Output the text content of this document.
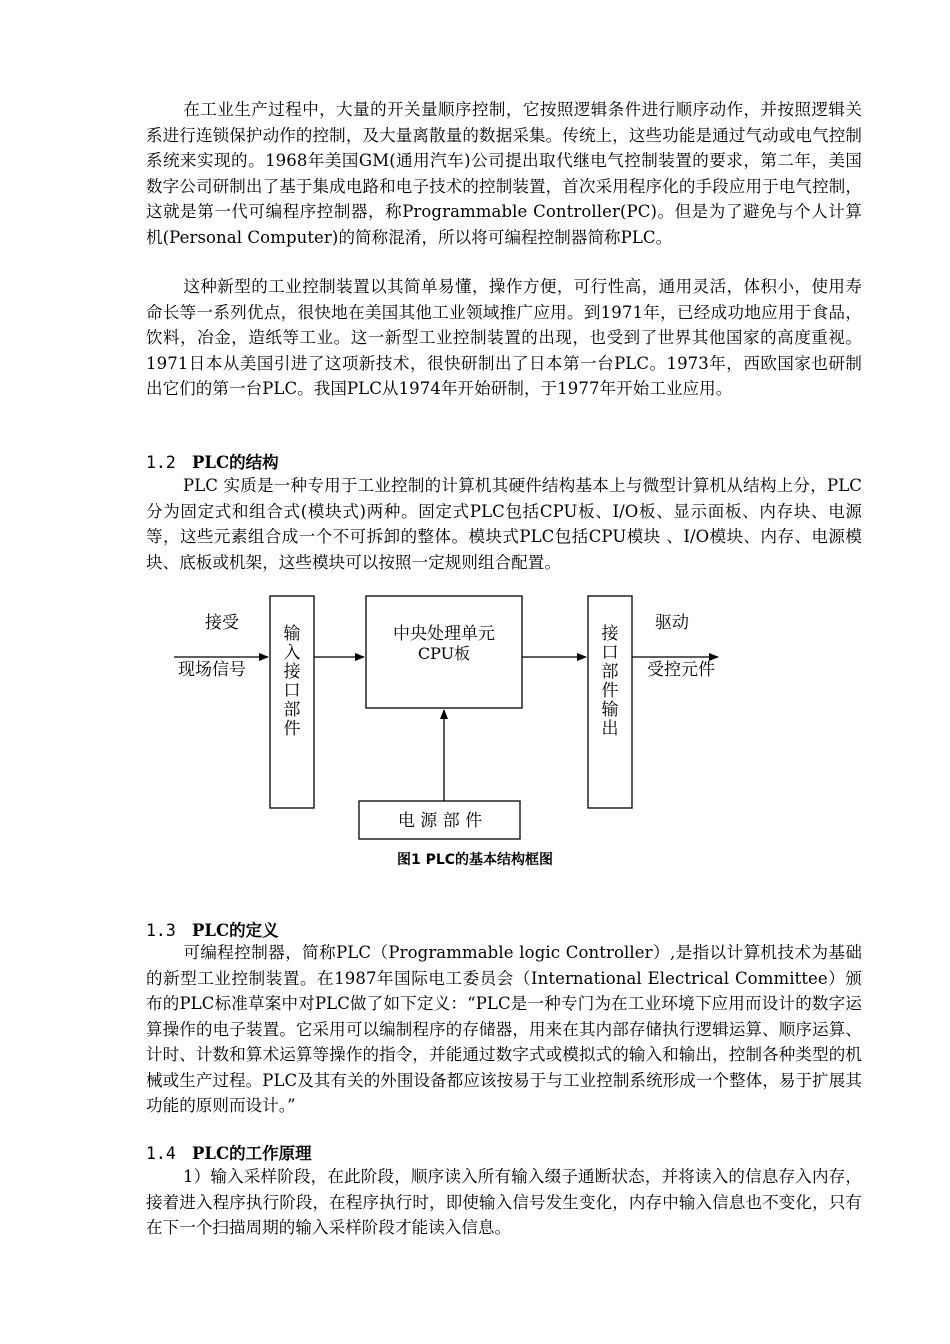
在工业生产过程中，大量的开关量顺序控制，它按照逻辑条件进行顺序动作，并按照逻辑关系进行连锁保护动作的控制，及大量离散量的数据采集。传统上，这些功能是通过气动或电气控制系统来实现的。1968年美国GM(通用汽车)公司提出取代继电气控制装置的要求，第二年，美国数字公司研制出了基于集成电路和电子技术的控制装置，首次采用程序化的手段应用于电气控制，这就是第一代可编程序控制器，称Programmable Controller(PC)。但是为了避免与个人计算机(Personal Computer)的简称混淆，所以将可编程控制器简称PLC。

这种新型的工业控制装置以其简单易懂，操作方便，可行性高，通用灵活，体积小，使用寿命长等一系列优点，很快地在美国其他工业领域推广应用。到1971年，已经成功地应用于食品，饮料，冶金，造纸等工业。这一新型工业控制装置的出现，也受到了世界其他国家的高度重视。1971日本从美国引进了这项新技术，很快研制出了日本第一台PLC。1973年，西欧国家也研制出它们的第一台PLC。我国PLC从1974年开始研制，于1977年开始工业应用。

1.2 PLC的结构

PLC 实质是一种专用于工业控制的计算机其硬件结构基本上与微型计算机从结构上分，PLC分为固定式和组合式(模块式)两种。固定式PLC包括CPU板、I/O板、显示面板、内存块、电源等，这些元素组合成一个不可拆卸的整体。模块式PLC包括CPU模块 、I/O模块、内存、电源模块、底板或机架，这些模块可以按照一定规则组合配置。

接受
现场信号
输
入
接
口
部
件
中央处理单元
CPU板
接
口
部
件
输
出
驱动
受控元件
电 源 部 件
图1 PLC的基本结构框图
1.3 PLC的定义

可编程控制器，简称PLC（Programmable logic Controller）,是指以计算机技术为基础的新型工业控制装置。在1987年国际电工委员会（International Electrical Committee）颁布的PLC标准草案中对PLC做了如下定义：“PLC是一种专门为在工业环境下应用而设计的数字运算操作的电子装置。它采用可以编制程序的存储器，用来在其内部存储执行逻辑运算、顺序运算、计时、计数和算术运算等操作的指令，并能通过数字式或模拟式的输入和输出，控制各种类型的机械或生产过程。PLC及其有关的外围设备都应该按易于与工业控制系统形成一个整体，易于扩展其功能的原则而设计。”

1.4 PLC的工作原理

1）输入采样阶段，在此阶段，顺序读入所有输入缀子通断状态，并将读入的信息存入内存，接着进入程序执行阶段，在程序执行时，即使输入信号发生变化，内存中输入信息也不变化，只有在下一个扫描周期的输入采样阶段才能读入信息。
